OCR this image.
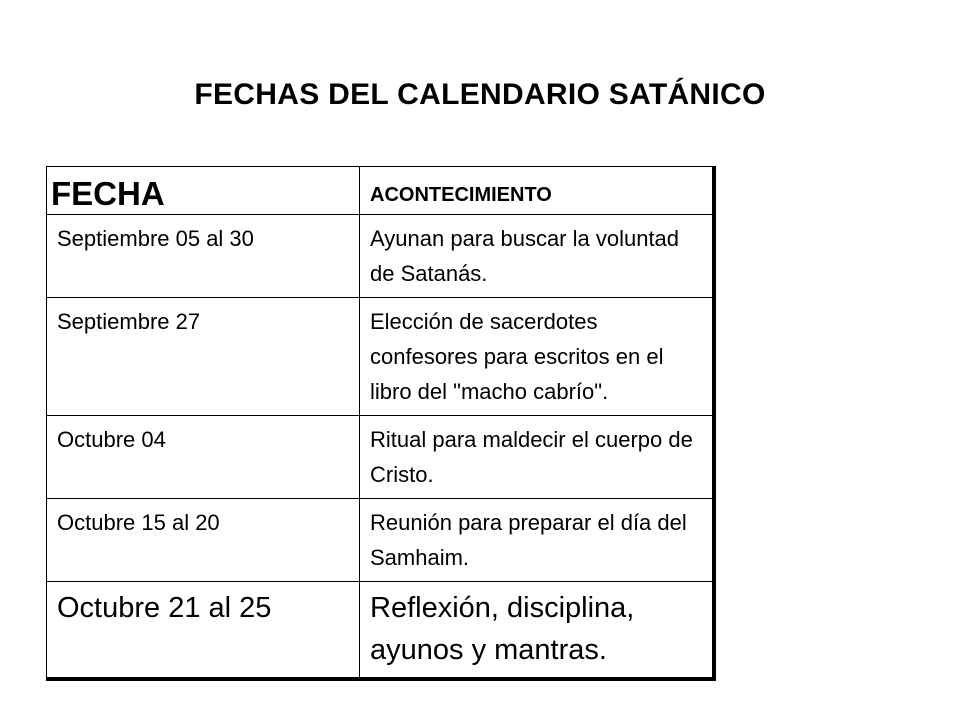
FECHAS DEL CALENDARIO SATÁNICO
FECHA	ACONTECIMIENTO
Septiembre 05 al 30	Ayunan para buscar la voluntad de Satanás.
Septiembre 27	Elección de sacerdotes confesores para escritos en el libro del "macho cabrío".
Octubre 04	Ritual para maldecir el cuerpo de Cristo.
Octubre 15 al 20	Reunión para preparar el día del Samhaim.
Octubre 21 al 25	Reflexión, disciplina, ayunos y mantras.
